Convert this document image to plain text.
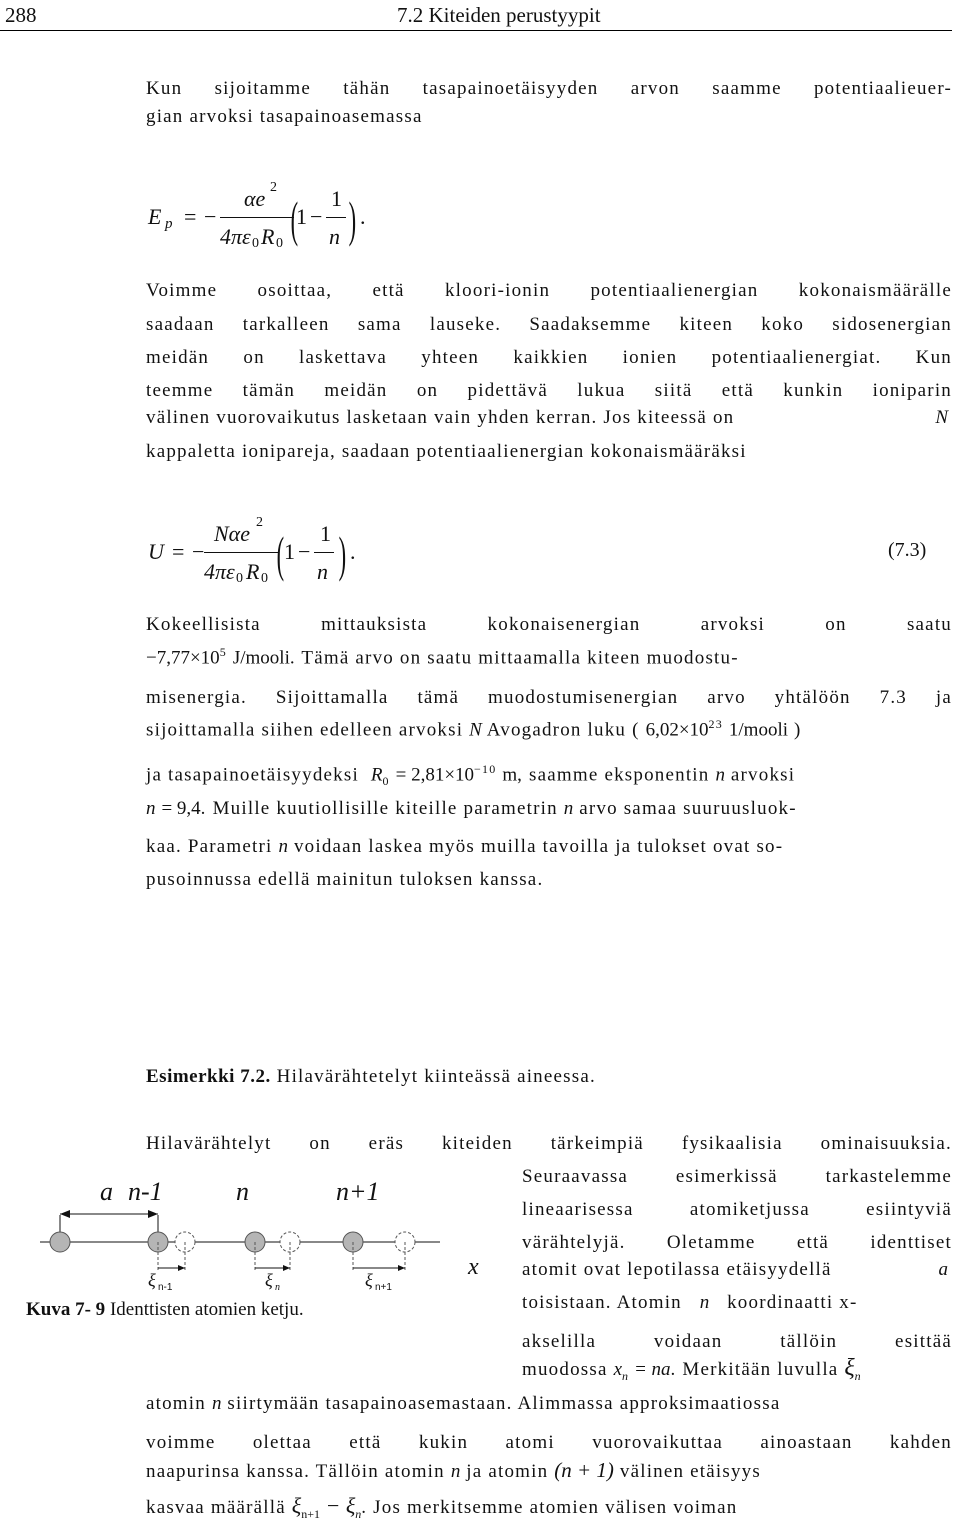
288	7.2 Kiteiden perustyypit
Kun sijoitamme tähän tasapainoetäisyyden arvon saamme potentiaalieuer-
gian arvoksi tasapainoasemassa
E p = −
αe 2
4πε 0 R 0 (
1 −
1
n ) .
Voimme osoittaa, että kloori-ionin potentiaalienergian kokonaismäärälle
saadaan tarkalleen sama lauseke. Saadaksemme kiteen koko sidosenergian
meidän on laskettava yhteen kaikkien ionien potentiaalienergiat. Kun
teemme tämän meidän on pidettävä lukua siitä että kunkin ioniparin
välinen vuorovaikutus lasketaan vain yhden kerran. Jos kiteessä on	N
kappaletta ionipareja, saadaan potentiaalienergian kokonaismääräksi
U = −
Nαe 2
4πε 0 R 0 ( 1 −
1
n ) .	(7.3)
Kokeellisista mittauksista kokonaisenergian arvoksi on saatu
$-7,77\times 10^5$ J/mooli. Tämä arvo on saatu mittaamalla kiteen muodostu-
misenergia. Sijoittamalla tämä muodostumisenergian arvo yhtälöön 7.3 ja
sijoittamalla siihen edelleen arvoksi N Avogadron luku ( $6,02\times 10^{23}$ 1/mooli )
ja tasapainoetäisyydeksi $R_0 = 2,81\times 10^{-10}$ m, saamme eksponentin n arvoksi
n = 9,4. Muille kuutiollisille kiteille parametrin n arvo samaa suuruusluok-
kaa. Parametri n voidaan laskea myös muilla tavoilla ja tulokset ovat so-
pusoinnussa edellä mainitun tuloksen kanssa.
Esimerkki 7.2. Hilavärähtetelyt kiinteässä aineessa.
Hilavärähtelyt on eräs kiteiden tärkeimpiä fysikaalisia ominaisuuksia.
Seuraavassa esimerkissä tarkastelemme
lineaarisessa atomiketjussa esiintyviä
värähtelyjä. Oletamme että identtiset
atomit ovat lepotilassa etäisyydellä	a
toisistaan. Atomin n koordinaatti x-
akselilla voidaan tällöin esittää
muodossa $x_n$ = na. Merkitään luvulla $\xi_n$
a n-1	n	n+1
ξ n-1	ξ n	ξ n+1
x
Kuva 7- 9 Identtisten atomien ketju.
atomin n siirtymään tasapainoasemastaan. Alimmassa approksimaatiossa
voimme olettaa että kukin atomi vuorovaikuttaa ainoastaan kahden
naapurinsa kanssa. Tällöin atomin n ja atomin (n + 1) välinen etäisyys
kasvaa määrällä $\xi_{n+1} - \xi_n$. Jos merkitsemme atomien välisen voiman
